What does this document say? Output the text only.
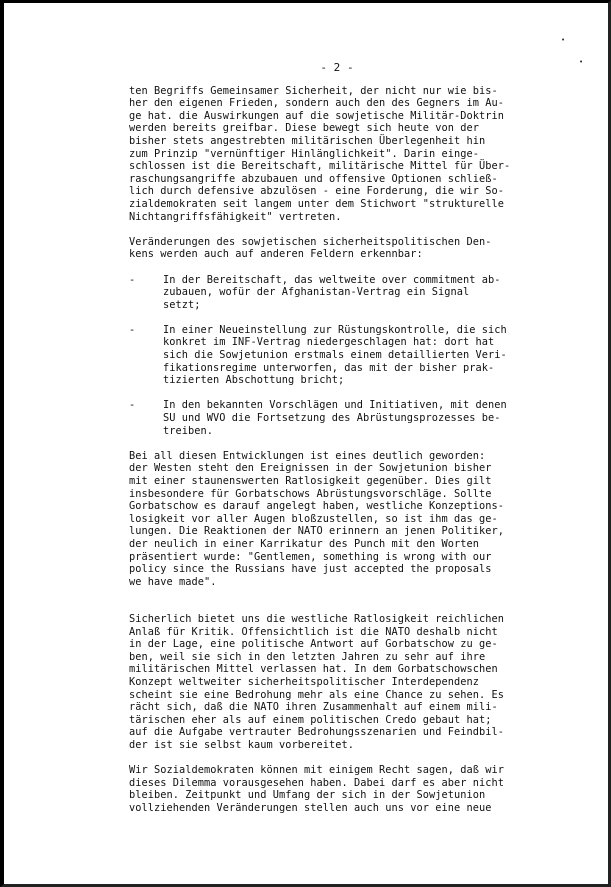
•
•
- 2 -

ten Begriffs Gemeinsamer Sicherheit, der nicht nur wie bis-
her den eigenen Frieden, sondern auch den des Gegners im Au-
ge hat. die Auswirkungen auf die sowjetische Militär-Doktrin
werden bereits greifbar. Diese bewegt sich heute von der
bisher stets angestrebten militärischen Überlegenheit hin
zum Prinzip "vernünftiger Hinlänglichkeit". Darin einge-
schlossen ist die Bereitschaft, militärische Mittel für Über-
raschungsangriffe abzubauen und offensive Optionen schließ-
lich durch defensive abzulösen - eine Forderung, die wir So-
zialdemokraten seit langem unter dem Stichwort "strukturelle
Nichtangriffsfähigkeit" vertreten.

Veränderungen des sowjetischen sicherheitspolitischen Den-
kens werden auch auf anderen Feldern erkennbar:

-	In der Bereitschaft, das weltweite over commitment ab-
zubauen, wofür der Afghanistan-Vertrag ein Signal
setzt;
-	In einer Neueinstellung zur Rüstungskontrolle, die sich
konkret im INF-Vertrag niedergeschlagen hat: dort hat
sich die Sowjetunion erstmals einem detaillierten Veri-
fikationsregime unterworfen, das mit der bisher prak-
tizierten Abschottung bricht;
-	In den bekannten Vorschlägen und Initiativen, mit denen
SU und WVO die Fortsetzung des Abrüstungsprozesses be-
treiben.

Bei all diesen Entwicklungen ist eines deutlich geworden:
der Westen steht den Ereignissen in der Sowjetunion bisher
mit einer staunenswerten Ratlosigkeit gegenüber. Dies gilt
insbesondere für Gorbatschows Abrüstungsvorschläge. Sollte
Gorbatschow es darauf angelegt haben, westliche Konzeptions-
losigkeit vor aller Augen bloßzustellen, so ist ihm das ge-
lungen. Die Reaktionen der NATO erinnern an jenen Politiker,
der neulich in einer Karrikatur des Punch mit den Worten
präsentiert wurde: "Gentlemen, something is wrong with our
policy since the Russians have just accepted the proposals
we have made".

Sicherlich bietet uns die westliche Ratlosigkeit reichlichen
Anlaß für Kritik. Offensichtlich ist die NATO deshalb nicht
in der Lage, eine politische Antwort auf Gorbatschow zu ge-
ben, weil sie sich in den letzten Jahren zu sehr auf ihre
militärischen Mittel verlassen hat. In dem Gorbatschowschen
Konzept weltweiter sicherheitspolitischer Interdependenz
scheint sie eine Bedrohung mehr als eine Chance zu sehen. Es
rächt sich, daß die NATO ihren Zusammenhalt auf einem mili-
tärischen eher als auf einem politischen Credo gebaut hat;
auf die Aufgabe vertrauter Bedrohungsszenarien und Feindbil-
der ist sie selbst kaum vorbereitet.

Wir Sozialdemokraten können mit einigem Recht sagen, daß wir
dieses Dilemma vorausgesehen haben. Dabei darf es aber nicht
bleiben. Zeitpunkt und Umfang der sich in der Sowjetunion
vollziehenden Veränderungen stellen auch uns vor eine neue
